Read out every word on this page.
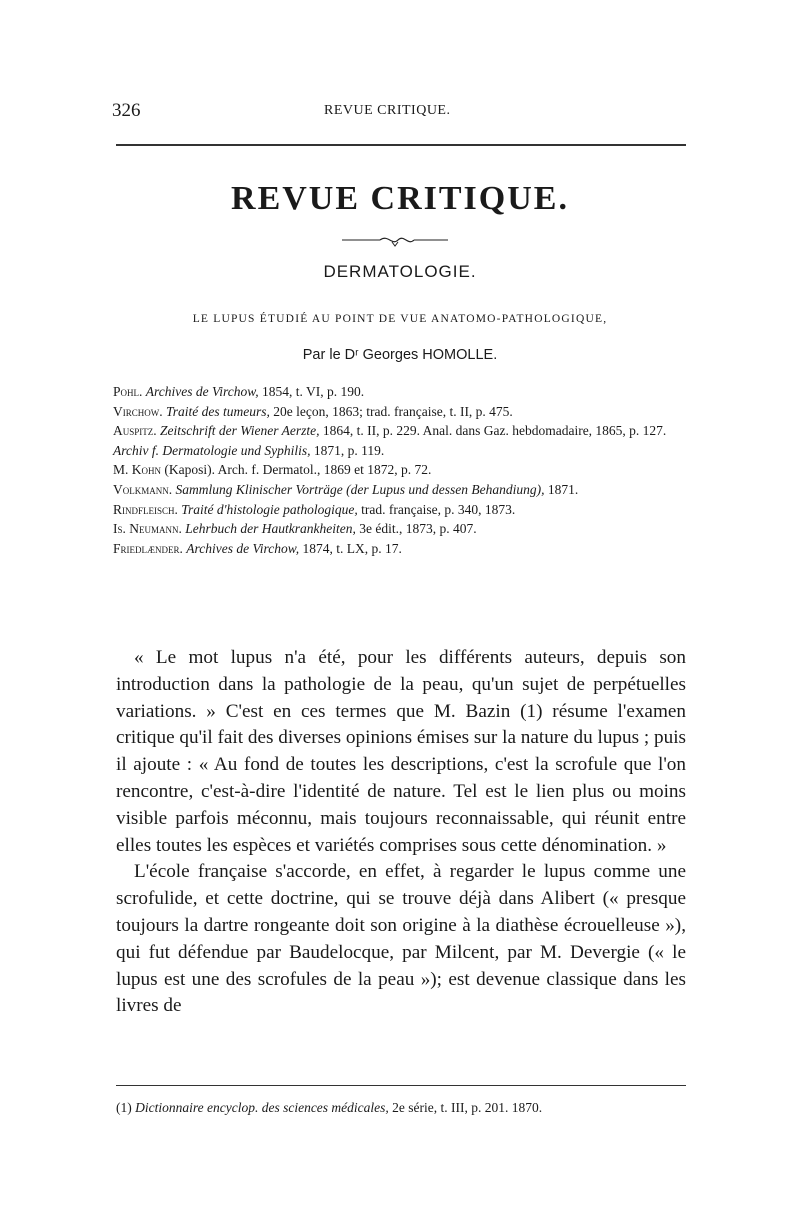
326	REVUE CRITIQUE.
REVUE CRITIQUE.
DERMATOLOGIE.
LE LUPUS ÉTUDIÉ AU POINT DE VUE ANATOMO-PATHOLOGIQUE,
Par le Dʳ Georges HOMOLLE.

Pohl. Archives de Virchow, 1854, t. VI, p. 190.

Virchow. Traité des tumeurs, 20e leçon, 1863; trad. française, t. II, p. 475.

Auspitz. Zeitschrift der Wiener Aerzte, 1864, t. II, p. 229. Anal. dans Gaz. hebdomadaire, 1865, p. 127.

Archiv f. Dermatologie und Syphilis, 1871, p. 119.

M. Kohn (Kaposi). Arch. f. Dermatol., 1869 et 1872, p. 72.

Volkmann. Sammlung Klinischer Vorträge (der Lupus und dessen Behandiung), 1871.

Rindfleisch. Traité d'histologie pathologique, trad. française, p. 340, 1873.

Is. Neumann. Lehrbuch der Hautkrankheiten, 3e édit., 1873, p. 407.

Friedlænder. Archives de Virchow, 1874, t. LX, p. 17.

« Le mot lupus n'a été, pour les différents auteurs, depuis son introduction dans la pathologie de la peau, qu'un sujet de perpétuelles variations. » C'est en ces termes que M. Bazin (1) résume l'examen critique qu'il fait des diverses opinions émises sur la nature du lupus ; puis il ajoute : « Au fond de toutes les descriptions, c'est la scrofule que l'on rencontre, c'est-à-dire l'identité de nature. Tel est le lien plus ou moins visible parfois méconnu, mais toujours reconnaissable, qui réunit entre elles toutes les espèces et variétés comprises sous cette dénomination. »

L'école française s'accorde, en effet, à regarder le lupus comme une scrofulide, et cette doctrine, qui se trouve déjà dans Alibert (« presque toujours la dartre rongeante doit son origine à la diathèse écrouelleuse »), qui fut défendue par Baudelocque, par Milcent, par M. Devergie (« le lupus est une des scrofules de la peau »); est devenue classique dans les livres de

(1) Dictionnaire encyclop. des sciences médicales, 2e série, t. III, p. 201. 1870.
